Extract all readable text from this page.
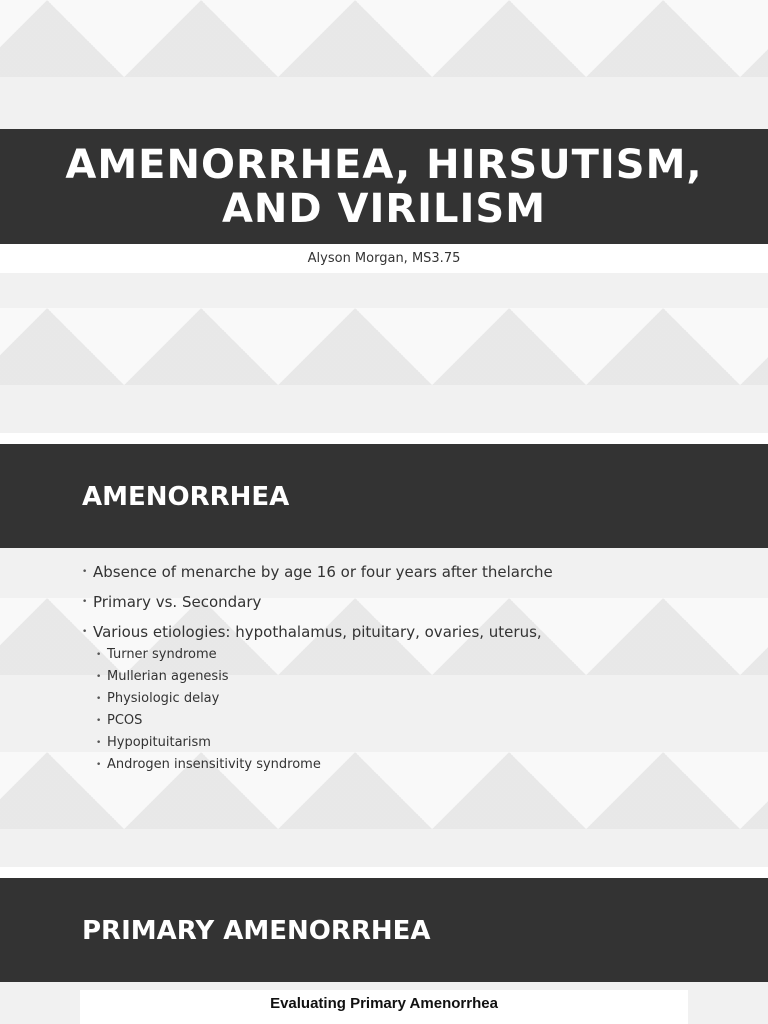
AMENORRHEA, HIRSUTISM, AND VIRILISM
Alyson Morgan, MS3.75
AMENORRHEA
• Absence of menarche by age 16 or four years after thelarche
• Primary vs. Secondary
• Various etiologies: hypothalamus, pituitary, ovaries, uterus,
• Turner syndrome
• Mullerian agenesis
• Physiologic delay
• PCOS
• Hypopituitarism
• Androgen insensitivity syndrome
PRIMARY AMENORRHEA
Evaluating Primary Amenorrhea
